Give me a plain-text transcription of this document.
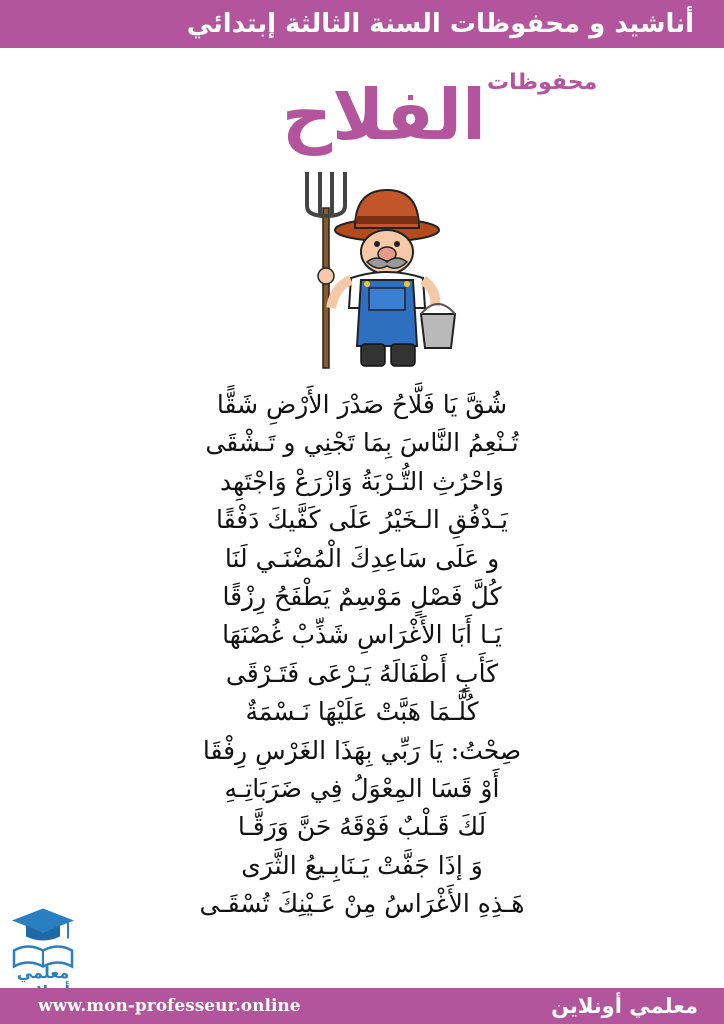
أناشيد و محفوظات السنة الثالثة إبتدائي
محفوظات
الفلاح
شُقَّ يَا فَلَّاحُ صَدْرَ الأَرْضِ شَقًّا
تُـنْعِمُ النَّاسَ بِمَا تَجْنِي و تَـشْقَى
وَاحْرُثِ التُّـرْبَةُ وَازْرَعْ وَاجْتَهِد
يَـدْفُقِ الـخَيْرُ عَلَى كَفَّيكَ دَفْقًا
و عَلَى سَاعِدِكَ الْمُضْنَـي لَنَا
كُلَّ فَصْلٍ مَوْسِمٌ يَطْفَحُ رِزْقًا
يَـا أَبَا الأَغْرَاسِ شَذِّبْ غُصْنَهَا
كَأَبٍ أَطْفَالَهُ يَـرْعَى فَتَـرْقَى
كُلَّـمَا هَبَّتْ عَلَيْهَا نَـسْمَةٌ
صِحْتُ: يَا رَبِّي بِهَذَا الغَرْسِ رِفْقَا
أَوْ قَسَا المِعْوَلُ فِي ضَرَبَاتِـهِ
لَكَ قَـلْبٌ فَوْقَهُ حَنَّ وَرَقَّـا
وَ إذَا جَفَّتْ يَـنَابِـيعُ الثَّرَى
هَـذِهِ الأَغْرَاسُ مِنْ عَـيْنِكَ تُسْقَـى
معلمي
www.mon-professeur.online	معلمي أونلاين
